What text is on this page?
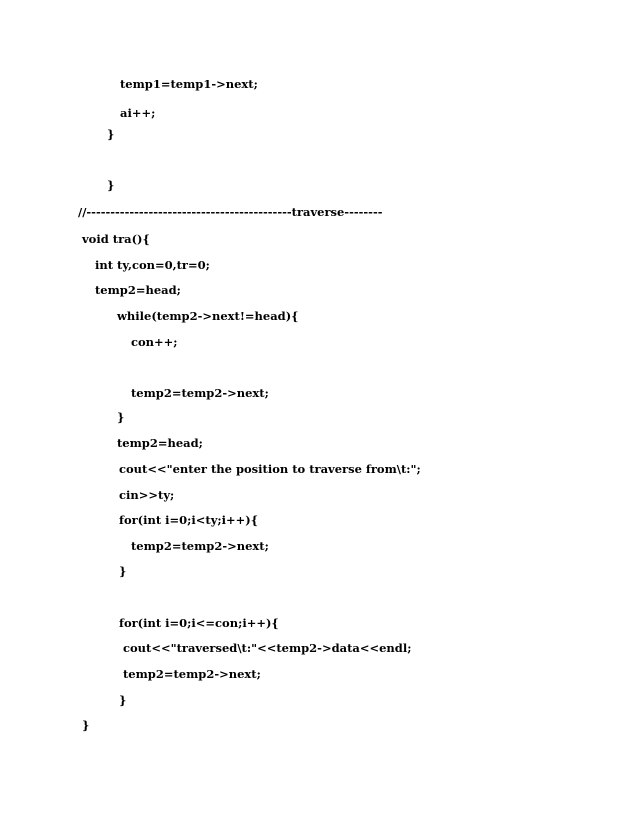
temp1=temp1->next;
ai++;
}
}
//-------------------------------------------traverse--------
void tra(){
int ty,con=0,tr=0;
temp2=head;
while(temp2->next!=head){
con++;
temp2=temp2->next;
}
temp2=head;
cout<<"enter the position to traverse from\t:";
cin>>ty;
for(int i=0;i<ty;i++){
temp2=temp2->next;
}
for(int i=0;i<=con;i++){
cout<<"traversed\t:"<<temp2->data<<endl;
temp2=temp2->next;
}
}
